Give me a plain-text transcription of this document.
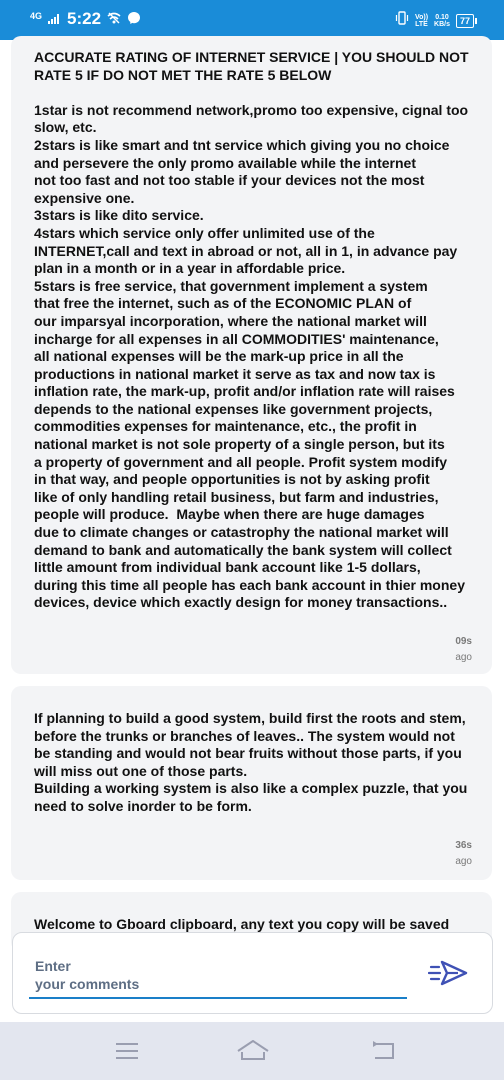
4G 5:22	Vo))
LTE
0.10
KB/s	77
ACCURATE RATING OF INTERNET SERVICE | YOU SHOULD NOT RATE 5 IF DO NOT MET THE RATE 5 BELOW

1star is not recommend network,promo too expensive, cignal too slow, etc.
2stars is like smart and tnt service which giving you no choice and persevere the only promo available while the internet
not too fast and not too stable if your devices not the most expensive one.
3stars is like dito service.
4stars which service only offer unlimited use of the INTERNET,call and text in abroad or not, all in 1, in advance pay plan in a month or in a year in affordable price.
5stars is free service, that government implement a system
that free the internet, such as of the ECONOMIC PLAN of
our imparsyal incorporation, where the national market will
incharge for all expenses in all COMMODITIES' maintenance,
all national expenses will be the mark-up price in all the
productions in national market it serve as tax and now tax is
inflation rate, the mark-up, profit and/or inflation rate will raises
depends to the national expenses like government projects,
commodities expenses for maintenance, etc., the profit in
national market is not sole property of a single person, but its
a property of government and all people. Profit system modify
in that way, and people opportunities is not by asking profit
like of only handling retail business, but farm and industries,
people will produce.  Maybe when there are huge damages
due to climate changes or catastrophy the national market will
demand to bank and automatically the bank system will collect
little amount from individual bank account like 1-5 dollars,
during this time all people has each bank account in thier money
devices, device which exactly design for money transactions..
09s
ago
If planning to build a good system, build first the roots and stem, before the trunks or branches of leaves.. The system would not be standing and would not bear fruits without those parts, if you will miss out one of those parts.
Building a working system is also like a complex puzzle, that you need to solve inorder to be form.
36s
ago
Welcome to Gboard clipboard, any text you copy will be saved
Enter
your comments
